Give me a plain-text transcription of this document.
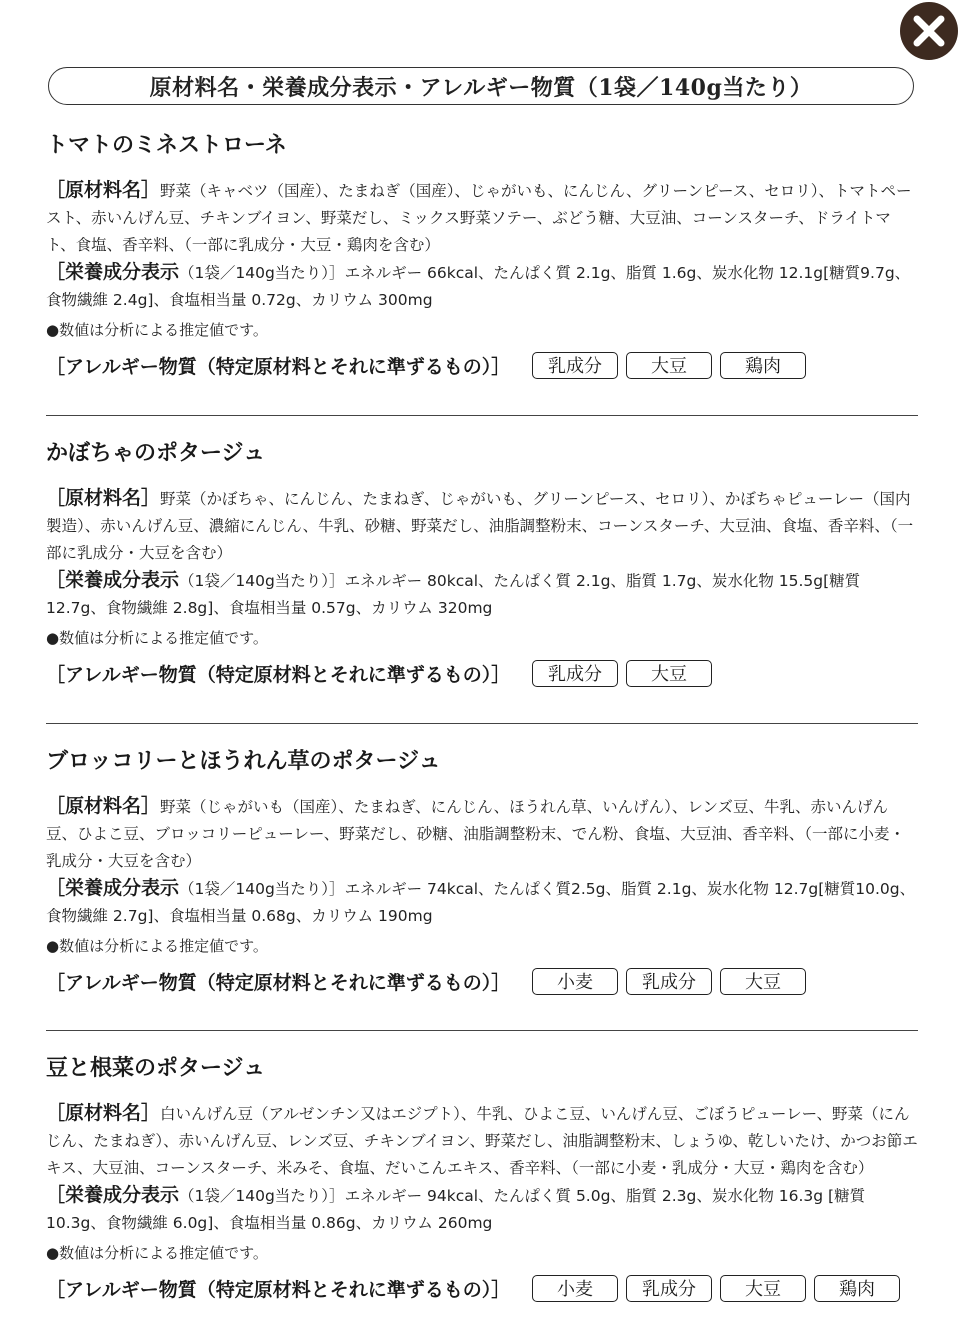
原材料名・栄養成分表示・アレルギー物質（1袋／140g当たり）
トマトのミネストローネ

［原材料名］野菜（キャベツ（国産）、たまねぎ（国産）、じゃがいも、にんじん、グリーンピース、セロリ）、トマトペースト、赤いんげん豆、チキンブイヨン、野菜だし、ミックス野菜ソテー、ぶどう糖、大豆油、コーンスターチ、ドライトマト、食塩、香辛料、（一部に乳成分・大豆・鶏肉を含む）

［栄養成分表示（1袋／140g当たり）］エネルギー 66kcal、たんぱく質 2.1g、脂質 1.6g、炭水化物 12.1g[糖質9.7g、食物繊維 2.4g]、食塩相当量 0.72g、カリウム 300mg

●数値は分析による推定値です。

［アレルギー物質（特定原材料とそれに準ずるもの）］	乳成分	大豆	鶏肉
かぼちゃのポタージュ

［原材料名］野菜（かぼちゃ、にんじん、たまねぎ、じゃがいも、グリーンピース、セロリ）、かぼちゃピューレー（国内製造）、赤いんげん豆、濃縮にんじん、牛乳、砂糖、野菜だし、油脂調整粉末、コーンスターチ、大豆油、食塩、香辛料、（一部に乳成分・大豆を含む）

［栄養成分表示（1袋／140g当たり）］エネルギー 80kcal、たんぱく質 2.1g、脂質 1.7g、炭水化物 15.5g[糖質12.7g、食物繊維 2.8g]、食塩相当量 0.57g、カリウム 320mg

●数値は分析による推定値です。

［アレルギー物質（特定原材料とそれに準ずるもの）］	乳成分	大豆
ブロッコリーとほうれん草のポタージュ

［原材料名］野菜（じゃがいも（国産）、たまねぎ、にんじん、ほうれん草、いんげん）、レンズ豆、牛乳、赤いんげん豆、ひよこ豆、ブロッコリーピューレー、野菜だし、砂糖、油脂調整粉末、でん粉、食塩、大豆油、香辛料、（一部に小麦・乳成分・大豆を含む）

［栄養成分表示（1袋／140g当たり）］エネルギー 74kcal、たんぱく質2.5g、脂質 2.1g、炭水化物 12.7g[糖質10.0g、食物繊維 2.7g]、食塩相当量 0.68g、カリウム 190mg

●数値は分析による推定値です。

［アレルギー物質（特定原材料とそれに準ずるもの）］	小麦	乳成分	大豆
豆と根菜のポタージュ

［原材料名］白いんげん豆（アルゼンチン又はエジプト）、牛乳、ひよこ豆、いんげん豆、ごぼうピューレー、野菜（にんじん、たまねぎ）、赤いんげん豆、レンズ豆、チキンブイヨン、野菜だし、油脂調整粉末、しょうゆ、乾しいたけ、かつお節エキス、大豆油、コーンスターチ、米みそ、食塩、だいこんエキス、香辛料、（一部に小麦・乳成分・大豆・鶏肉を含む）

［栄養成分表示（1袋／140g当たり）］エネルギー 94kcal、たんぱく質 5.0g、脂質 2.3g、炭水化物 16.3g [糖質10.3g、食物繊維 6.0g]、食塩相当量 0.86g、カリウム 260mg

●数値は分析による推定値です。

［アレルギー物質（特定原材料とそれに準ずるもの）］	小麦	乳成分	大豆	鶏肉
